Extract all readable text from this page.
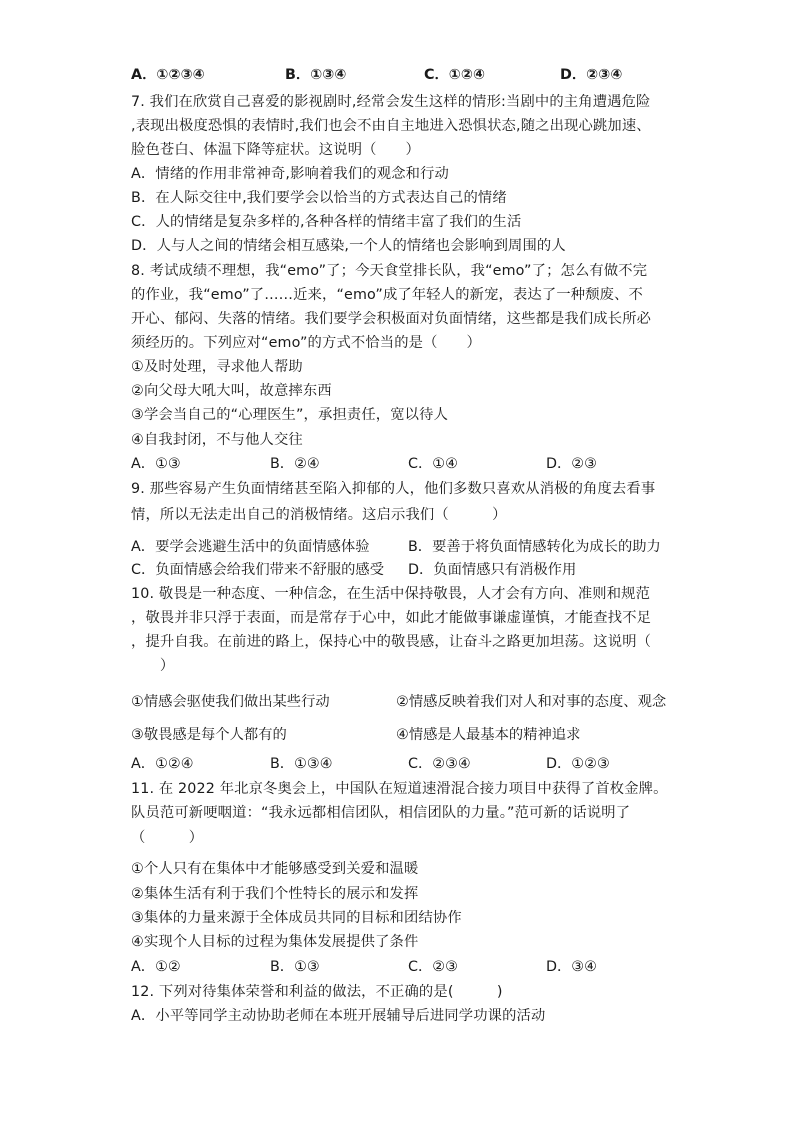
A．①②③④	B．①③④	C．①②④	D．②③④
7. 我们在欣赏自己喜爱的影视剧时,经常会发生这样的情形:当剧中的主角遭遇危险
,表现出极度恐惧的表情时,我们也会不由自主地进入恐惧状态,随之出现心跳加速、
脸色苍白、体温下降等症状。这说明（　　）
A．情绪的作用非常神奇,影响着我们的观念和行动
B．在人际交往中,我们要学会以恰当的方式表达自己的情绪
C．人的情绪是复杂多样的,各种各样的情绪丰富了我们的生活
D．人与人之间的情绪会相互感染,一个人的情绪也会影响到周围的人
8. 考试成绩不理想，我“emo”了；今天食堂排长队，我“emo”了；怎么有做不完
的作业，我“emo”了……近来，“emo”成了年轻人的新宠，表达了一种颓废、不
开心、郁闷、失落的情绪。我们要学会积极面对负面情绪，这些都是我们成长所必
须经历的。下列应对“emo”的方式不恰当的是（　　）
①及时处理，寻求他人帮助
②向父母大吼大叫，故意摔东西
③学会当自己的“心理医生”，承担责任，宽以待人
④自我封闭，不与他人交往
A．①③	B．②④	C．①④	D．②③
9. 那些容易产生负面情绪甚至陷入抑郁的人，他们多数只喜欢从消极的角度去看事
情，所以无法走出自己的消极情绪。这启示我们（　　　）
A．要学会逃避生活中的负面情感体验	B．要善于将负面情感转化为成长的助力
C．负面情感会给我们带来不舒服的感受 D．负面情感只有消极作用
10. 敬畏是一种态度、一种信念，在生活中保持敬畏，人才会有方向、准则和规范
，敬畏并非只浮于表面，而是常存于心中，如此才能做事谦虚谨慎，才能查找不足
，提升自我。在前进的路上，保持心中的敬畏感，让奋斗之路更加坦荡。这说明（
　　）
①情感会驱使我们做出某些行动	②情感反映着我们对人和对事的态度、观念
③敬畏感是每个人都有的	④情感是人最基本的精神追求
A．①②④	B．①③④	C．②③④	D．①②③
11. 在 2022 年北京冬奥会上，中国队在短道速滑混合接力项目中获得了首枚金牌。
队员范可新哽咽道：“我永远都相信团队，相信团队的力量。”范可新的话说明了
（　　　）
①个人只有在集体中才能够感受到关爱和温暖
②集体生活有利于我们个性特长的展示和发挥
③集体的力量来源于全体成员共同的目标和团结协作
④实现个人目标的过程为集体发展提供了条件
A．①②	B．①③	C．②③	D．③④
12. 下列对待集体荣誉和利益的做法，不正确的是(　　　)
A．小平等同学主动协助老师在本班开展辅导后进同学功课的活动
